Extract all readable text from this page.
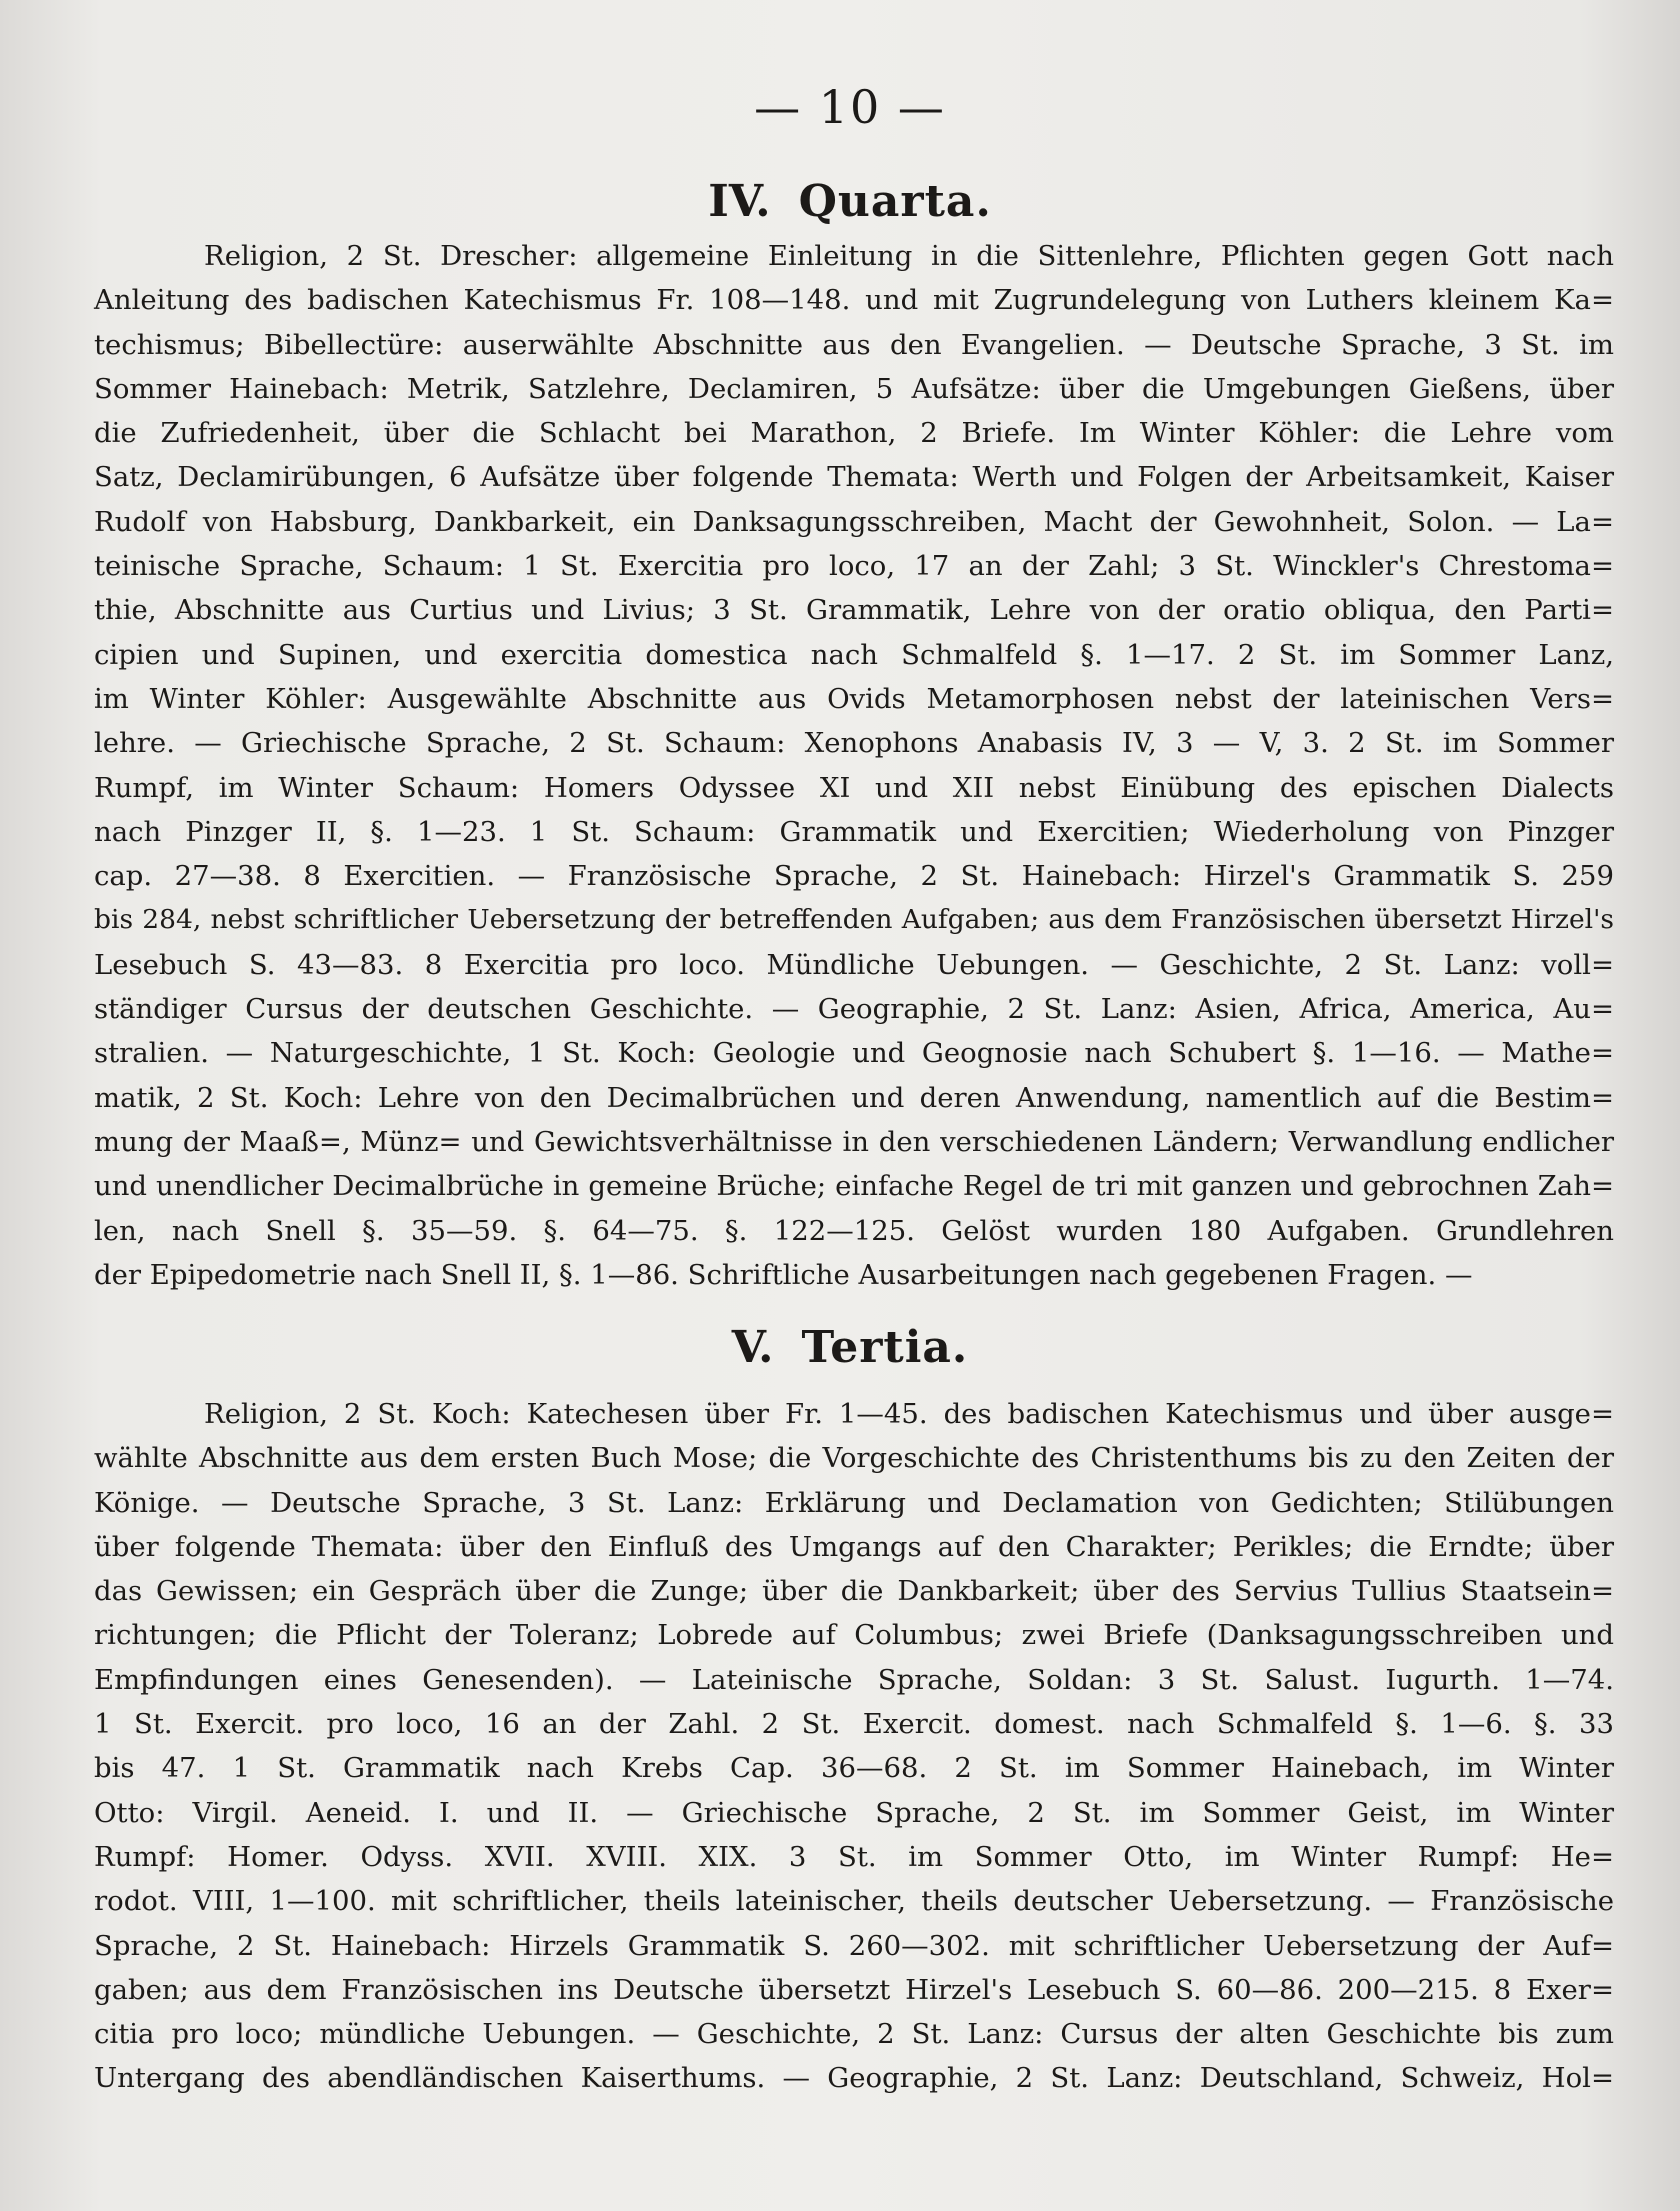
— 10 —
IV. Quarta.
Religion, 2 St. Drescher: allgemeine Einleitung in die Sittenlehre, Pflichten gegen Gott nach
Anleitung des badischen Katechismus Fr. 108—148. und mit Zugrundelegung von Luthers kleinem Ka=
techismus; Bibellectüre: auserwählte Abschnitte aus den Evangelien. — Deutsche Sprache, 3 St. im
Sommer Hainebach: Metrik, Satzlehre, Declamiren, 5 Aufsätze: über die Umgebungen Gießens, über
die Zufriedenheit, über die Schlacht bei Marathon, 2 Briefe. Im Winter Köhler: die Lehre vom
Satz, Declamirübungen, 6 Aufsätze über folgende Themata: Werth und Folgen der Arbeitsamkeit, Kaiser
Rudolf von Habsburg, Dankbarkeit, ein Danksagungsschreiben, Macht der Gewohnheit, Solon. — La=
teinische Sprache, Schaum: 1 St. Exercitia pro loco, 17 an der Zahl; 3 St. Winckler's Chrestoma=
thie, Abschnitte aus Curtius und Livius; 3 St. Grammatik, Lehre von der oratio obliqua, den Parti=
cipien und Supinen, und exercitia domestica nach Schmalfeld §. 1—17. 2 St. im Sommer Lanz,
im Winter Köhler: Ausgewählte Abschnitte aus Ovids Metamorphosen nebst der lateinischen Vers=
lehre. — Griechische Sprache, 2 St. Schaum: Xenophons Anabasis IV, 3 — V, 3. 2 St. im Sommer
Rumpf, im Winter Schaum: Homers Odyssee XI und XII nebst Einübung des epischen Dialects
nach Pinzger II, §. 1—23. 1 St. Schaum: Grammatik und Exercitien; Wiederholung von Pinzger
cap. 27—38. 8 Exercitien. — Französische Sprache, 2 St. Hainebach: Hirzel's Grammatik S. 259
bis 284, nebst schriftlicher Uebersetzung der betreffenden Aufgaben; aus dem Französischen übersetzt Hirzel's
Lesebuch S. 43—83. 8 Exercitia pro loco. Mündliche Uebungen. — Geschichte, 2 St. Lanz: voll=
ständiger Cursus der deutschen Geschichte. — Geographie, 2 St. Lanz: Asien, Africa, America, Au=
stralien. — Naturgeschichte, 1 St. Koch: Geologie und Geognosie nach Schubert §. 1—16. — Mathe=
matik, 2 St. Koch: Lehre von den Decimalbrüchen und deren Anwendung, namentlich auf die Bestim=
mung der Maaß=, Münz= und Gewichtsverhältnisse in den verschiedenen Ländern; Verwandlung endlicher
und unendlicher Decimalbrüche in gemeine Brüche; einfache Regel de tri mit ganzen und gebrochnen Zah=
len, nach Snell §. 35—59. §. 64—75. §. 122—125. Gelöst wurden 180 Aufgaben. Grundlehren
der Epipedometrie nach Snell II, §. 1—86. Schriftliche Ausarbeitungen nach gegebenen Fragen. —
V. Tertia.
Religion, 2 St. Koch: Katechesen über Fr. 1—45. des badischen Katechismus und über ausge=
wählte Abschnitte aus dem ersten Buch Mose; die Vorgeschichte des Christenthums bis zu den Zeiten der
Könige. — Deutsche Sprache, 3 St. Lanz: Erklärung und Declamation von Gedichten; Stilübungen
über folgende Themata: über den Einfluß des Umgangs auf den Charakter; Perikles; die Erndte; über
das Gewissen; ein Gespräch über die Zunge; über die Dankbarkeit; über des Servius Tullius Staatsein=
richtungen; die Pflicht der Toleranz; Lobrede auf Columbus; zwei Briefe (Danksagungsschreiben und
Empfindungen eines Genesenden). — Lateinische Sprache, Soldan: 3 St. Salust. Iugurth. 1—74.
1 St. Exercit. pro loco, 16 an der Zahl. 2 St. Exercit. domest. nach Schmalfeld §. 1—6. §. 33
bis 47. 1 St. Grammatik nach Krebs Cap. 36—68. 2 St. im Sommer Hainebach, im Winter
Otto: Virgil. Aeneid. I. und II. — Griechische Sprache, 2 St. im Sommer Geist, im Winter
Rumpf: Homer. Odyss. XVII. XVIII. XIX. 3 St. im Sommer Otto, im Winter Rumpf: He=
rodot. VIII, 1—100. mit schriftlicher, theils lateinischer, theils deutscher Uebersetzung. — Französische
Sprache, 2 St. Hainebach: Hirzels Grammatik S. 260—302. mit schriftlicher Uebersetzung der Auf=
gaben; aus dem Französischen ins Deutsche übersetzt Hirzel's Lesebuch S. 60—86. 200—215. 8 Exer=
citia pro loco; mündliche Uebungen. — Geschichte, 2 St. Lanz: Cursus der alten Geschichte bis zum
Untergang des abendländischen Kaiserthums. — Geographie, 2 St. Lanz: Deutschland, Schweiz, Hol=
